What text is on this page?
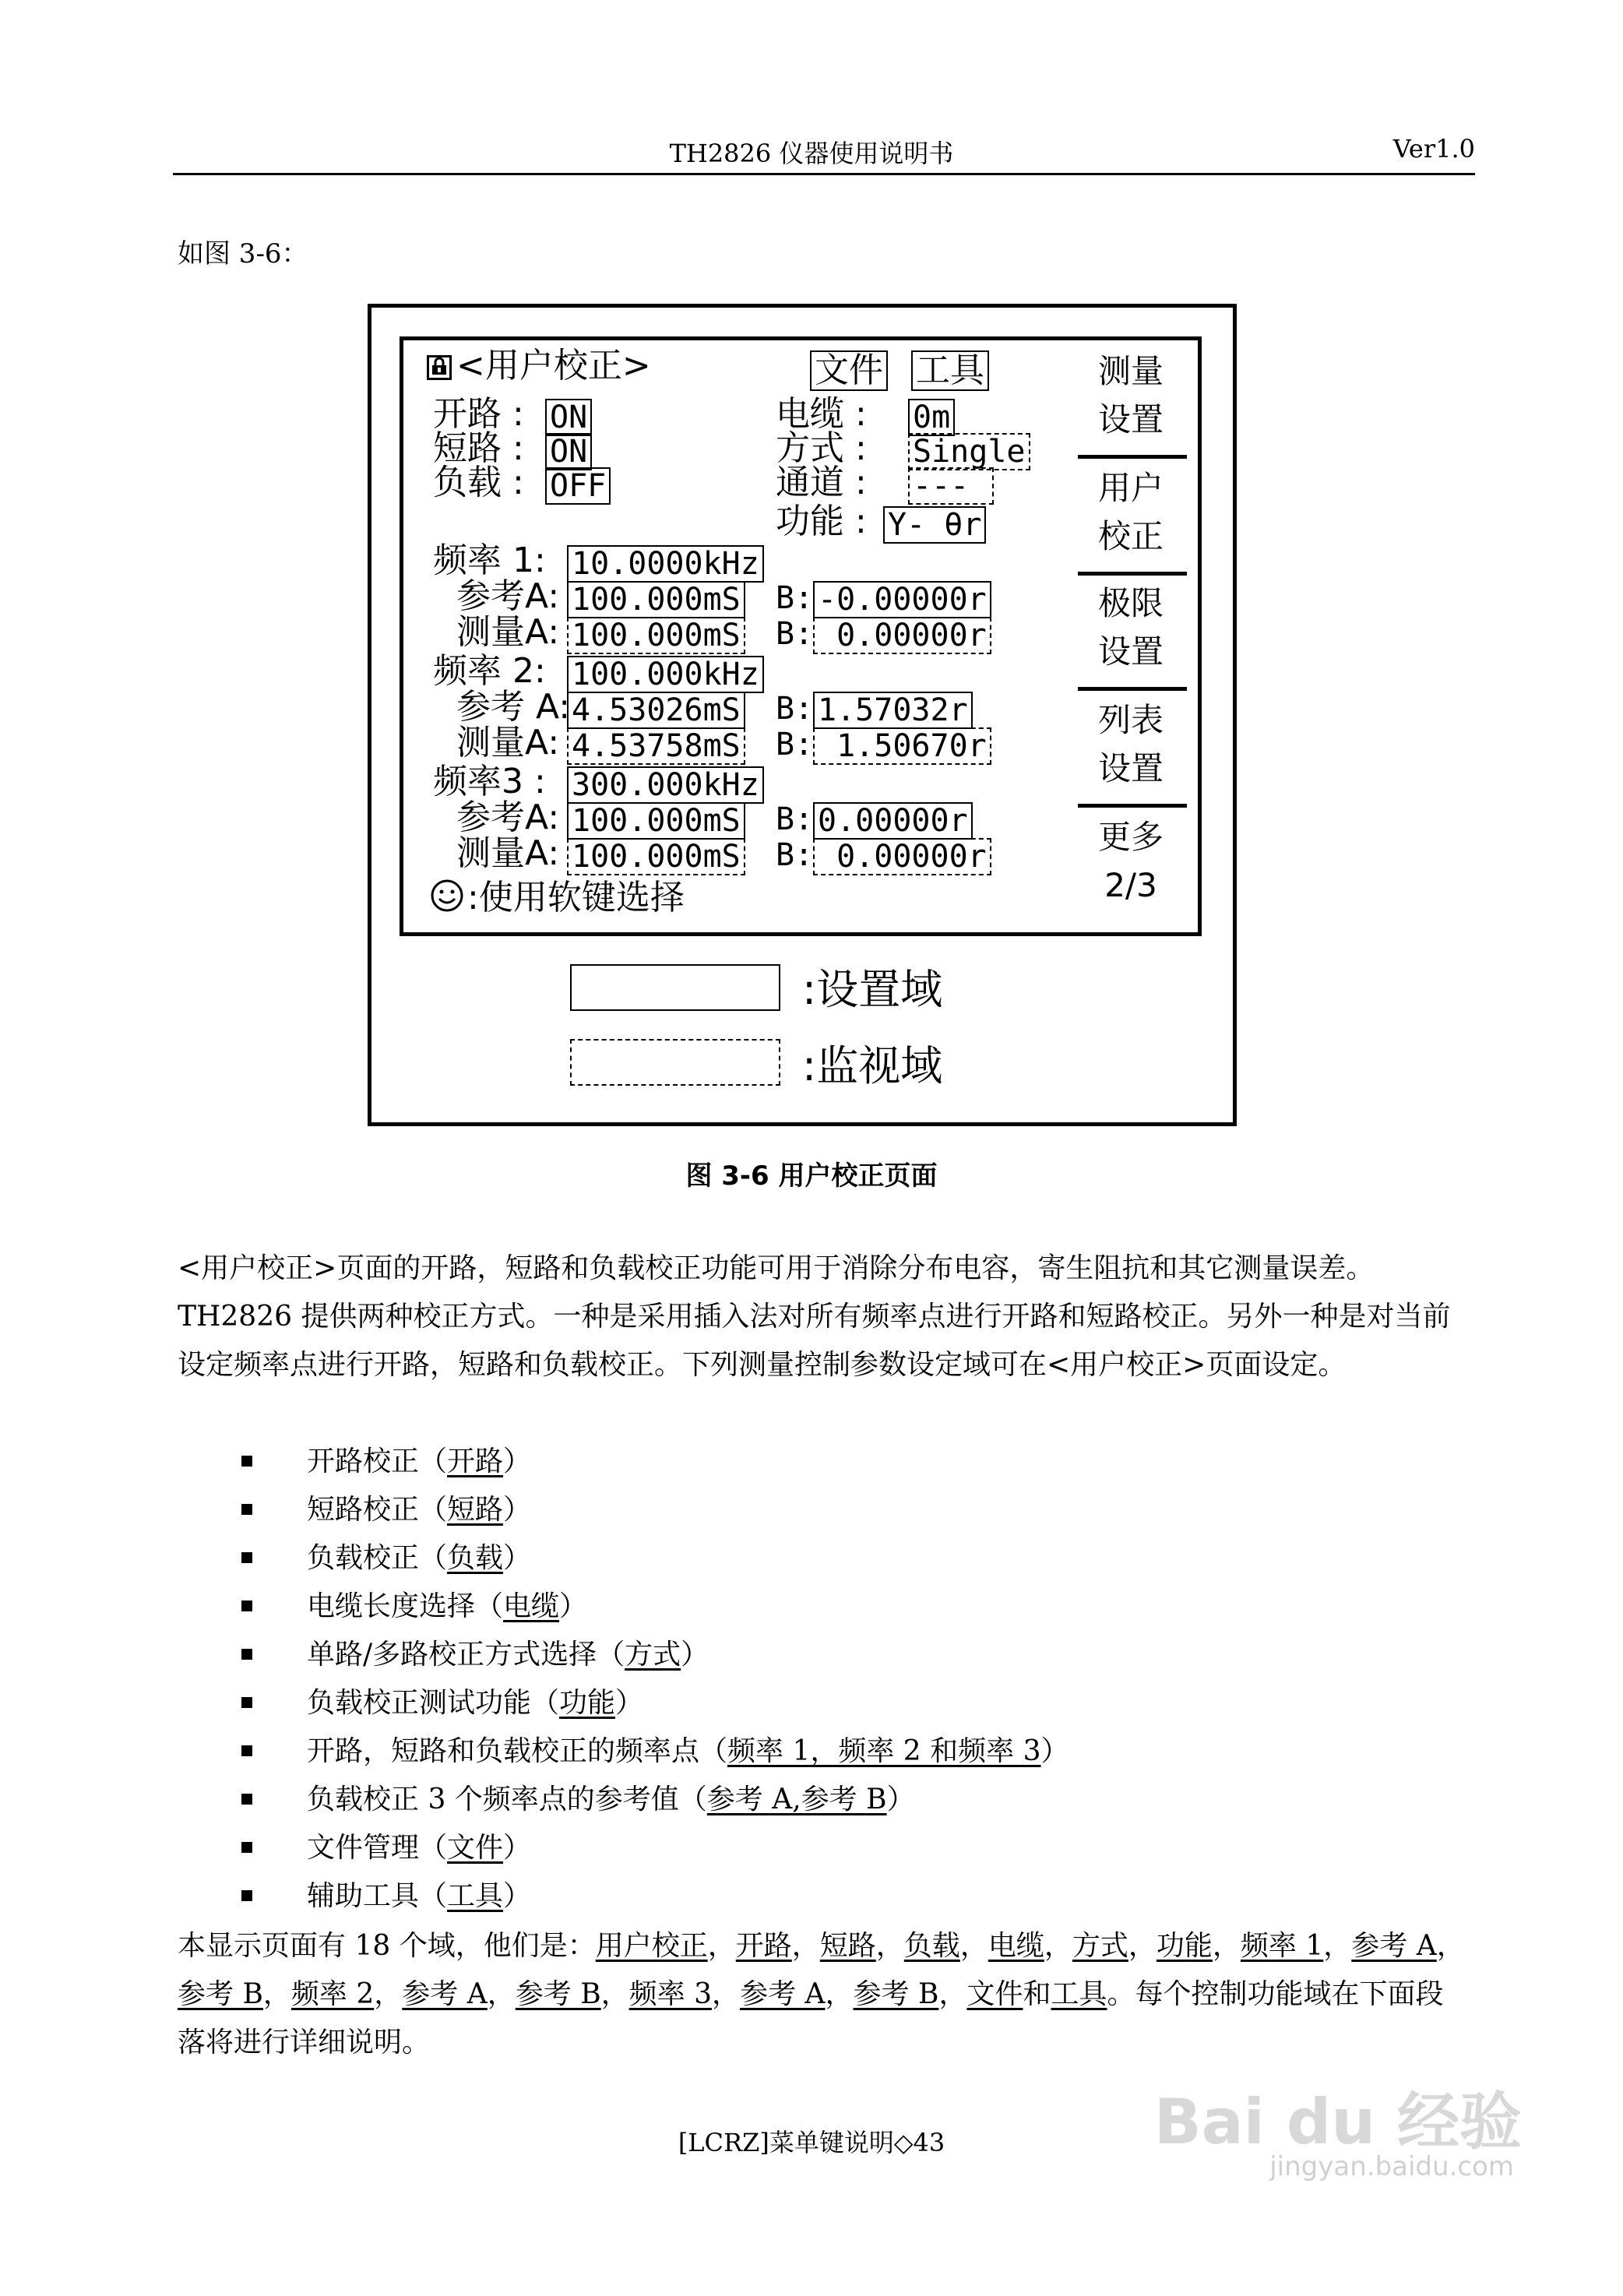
TH2826 仪器使用说明书	Ver1.0
如图 3-6：
<用户校正>	文件 工具
开路 : ON
短路 : ON
负载 : OFF
电缆 : 0m
方式 : Single
通道 : ---
功能 : Y- θr
频率 1: 10.0000kHz
参考A: 100.000mS B: -0.00000r
测量A: 100.000mS B: 0.00000r
频率 2: 100.000kHz
参考 A: 4.53026mS B: 1.57032r
测量A: 4.53758mS B: 1.50670r
频率3 : 300.000kHz
参考A: 100.000mS B: 0.00000r
测量A: 100.000mS B: 0.00000r
:使用软键选择
测量
设置
用户
校正
极限
设置
列表
设置
更多
2/3
:设置域
:监视域
图 3-6 用户校正页面
<用户校正>页面的开路，短路和负载校正功能可用于消除分布电容，寄生阻抗和其它测量误差。TH2826 提供两种校正方式。一种是采用插入法对所有频率点进行开路和短路校正。另外一种是对当前设定频率点进行开路，短路和负载校正。下列测量控制参数设定域可在<用户校正>页面设定。
开路校正（开路）
短路校正（短路）
负载校正（负载）
电缆长度选择（电缆）
单路/多路校正方式选择（方式）
负载校正测试功能（功能）
开路，短路和负载校正的频率点（频率 1，频率 2 和频率 3）
负载校正 3 个频率点的参考值（参考 A,参考 B）
文件管理（文件）
辅助工具（工具）
本显示页面有 18 个域，他们是：用户校正，开路，短路，负载，电缆，方式，功能，频率 1，参考 A，参考 B，频率 2，参考 A，参考 B，频率 3，参考 A，参考 B，文件和工具。每个控制功能域在下面段落将进行详细说明。
[LCRZ]菜单键说明◇43	Bai du 经验
jingyan.baidu.com
